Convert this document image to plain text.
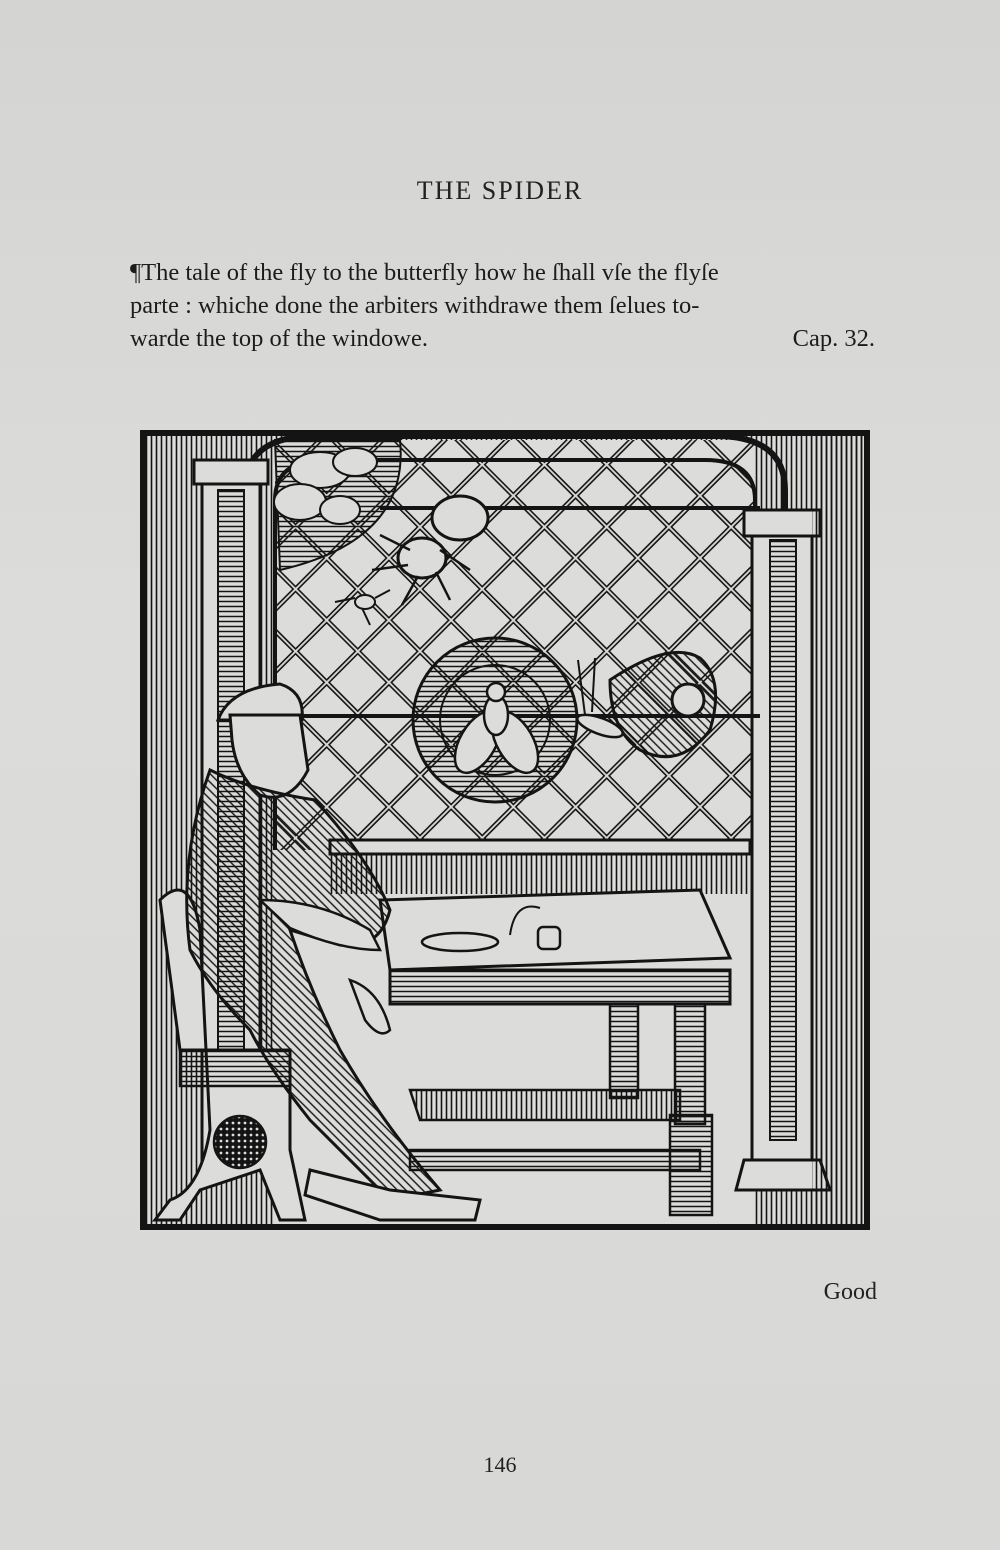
THE SPIDER
¶The tale of the fly to the butterfly how he ſhall vſe the flyſe
parte : whiche done the arbiters withdrawe them ſelues to-
warde the top of the windowe.	Cap. 32.
Good
146
